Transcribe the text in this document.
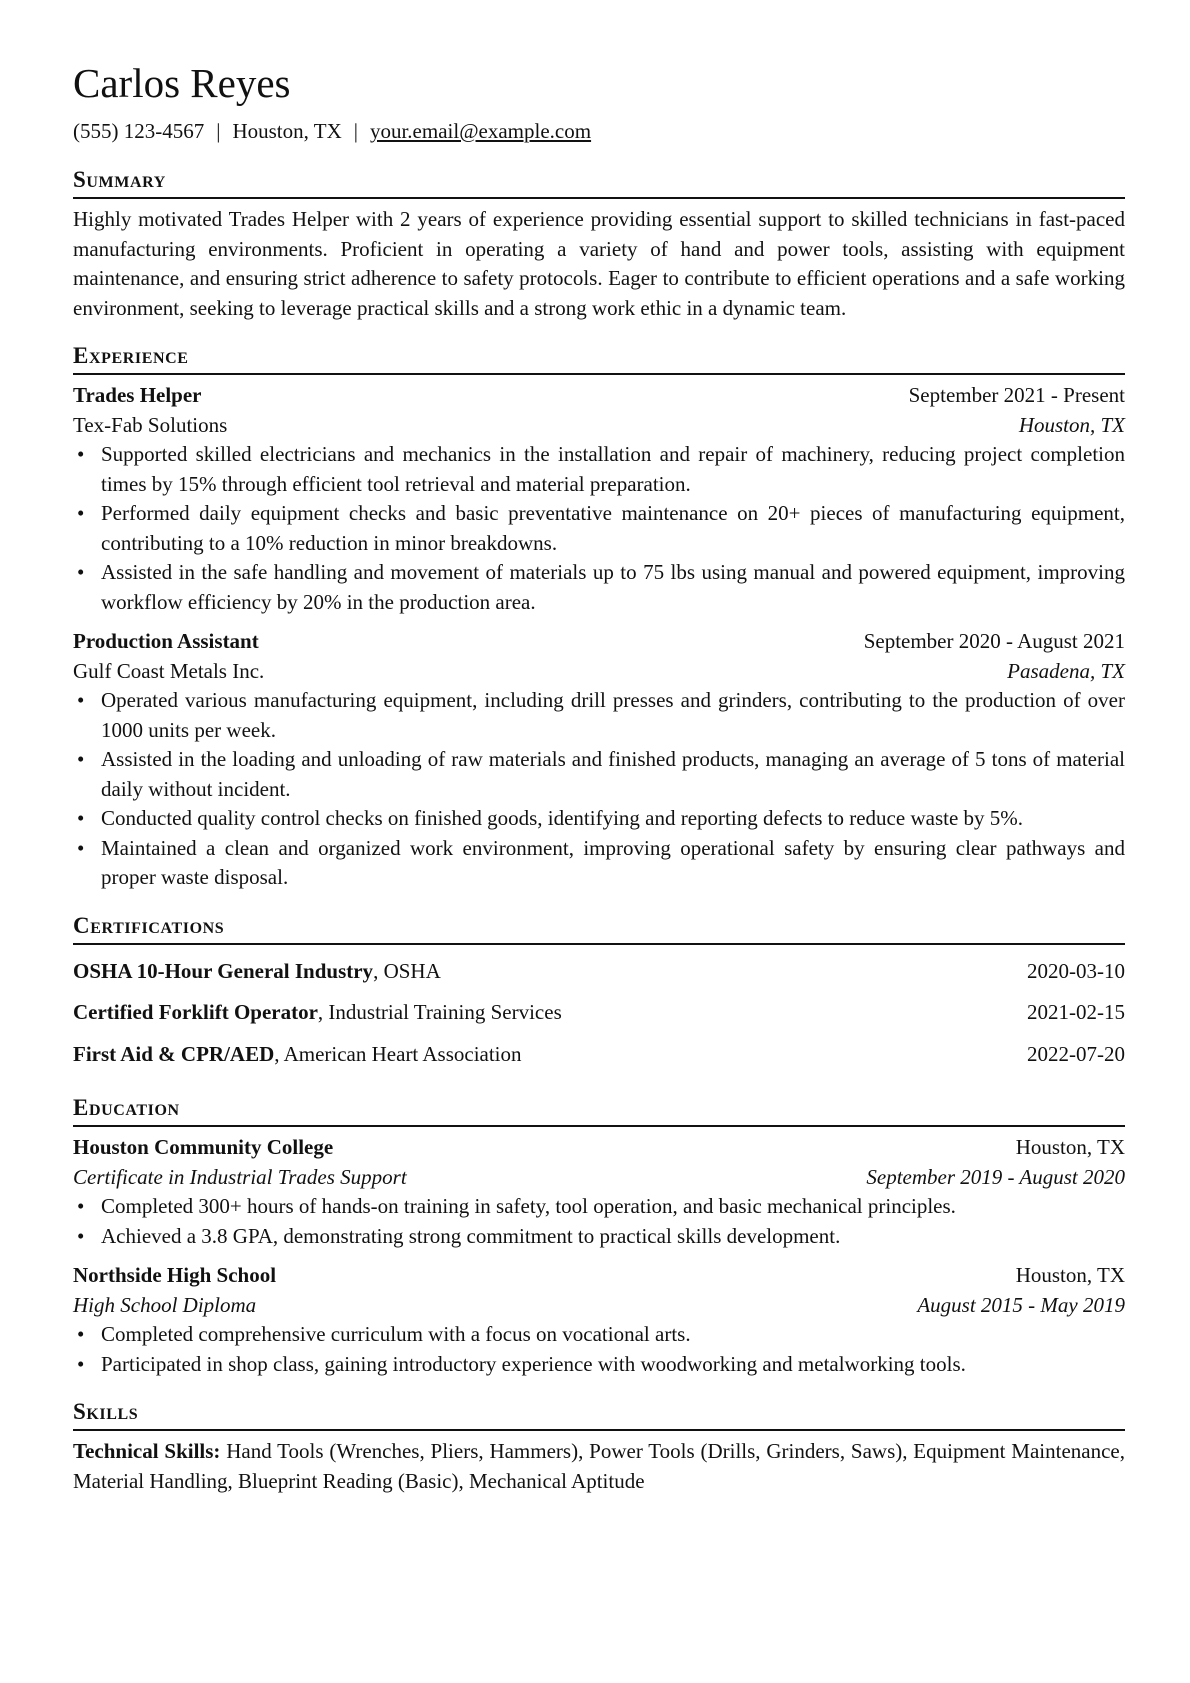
Carlos Reyes
(555) 123-4567 | Houston, TX | your.email@example.com
Summary

Highly motivated Trades Helper with 2 years of experience providing essential support to skilled technicians in fast-paced manufacturing environments. Proficient in operating a variety of hand and power tools, assisting with equipment maintenance, and ensuring strict adherence to safety protocols. Eager to contribute to efficient operations and a safe working environment, seeking to leverage practical skills and a strong work ethic in a dynamic team.

Experience
Trades Helper	September 2021 - Present
Tex-Fab Solutions	Houston, TX
• Supported skilled electricians and mechanics in the installation and repair of machinery, reducing project completion times by 15% through efficient tool retrieval and material preparation.
• Performed daily equipment checks and basic preventative maintenance on 20+ pieces of manufacturing equipment, contributing to a 10% reduction in minor breakdowns.
• Assisted in the safe handling and movement of materials up to 75 lbs using manual and powered equipment, improving workflow efficiency by 20% in the production area.
Production Assistant	September 2020 - August 2021
Gulf Coast Metals Inc.	Pasadena, TX
• Operated various manufacturing equipment, including drill presses and grinders, contributing to the production of over 1000 units per week.
• Assisted in the loading and unloading of raw materials and finished products, managing an average of 5 tons of material daily without incident.
• Conducted quality control checks on finished goods, identifying and reporting defects to reduce waste by 5%.
• Maintained a clean and organized work environment, improving operational safety by ensuring clear pathways and proper waste disposal.
Certifications
OSHA 10-Hour General Industry, OSHA	2020-03-10
Certified Forklift Operator, Industrial Training Services	2021-02-15
First Aid & CPR/AED, American Heart Association	2022-07-20
Education
Houston Community College	Houston, TX
Certificate in Industrial Trades Support	September 2019 - August 2020
• Completed 300+ hours of hands-on training in safety, tool operation, and basic mechanical principles.
• Achieved a 3.8 GPA, demonstrating strong commitment to practical skills development.
Northside High School	Houston, TX
High School Diploma	August 2015 - May 2019
• Completed comprehensive curriculum with a focus on vocational arts.
• Participated in shop class, gaining introductory experience with woodworking and metalworking tools.
Skills
Technical Skills: Hand Tools (Wrenches, Pliers, Hammers), Power Tools (Drills, Grinders, Saws), Equipment Maintenance, Material Handling, Blueprint Reading (Basic), Mechanical Aptitude
